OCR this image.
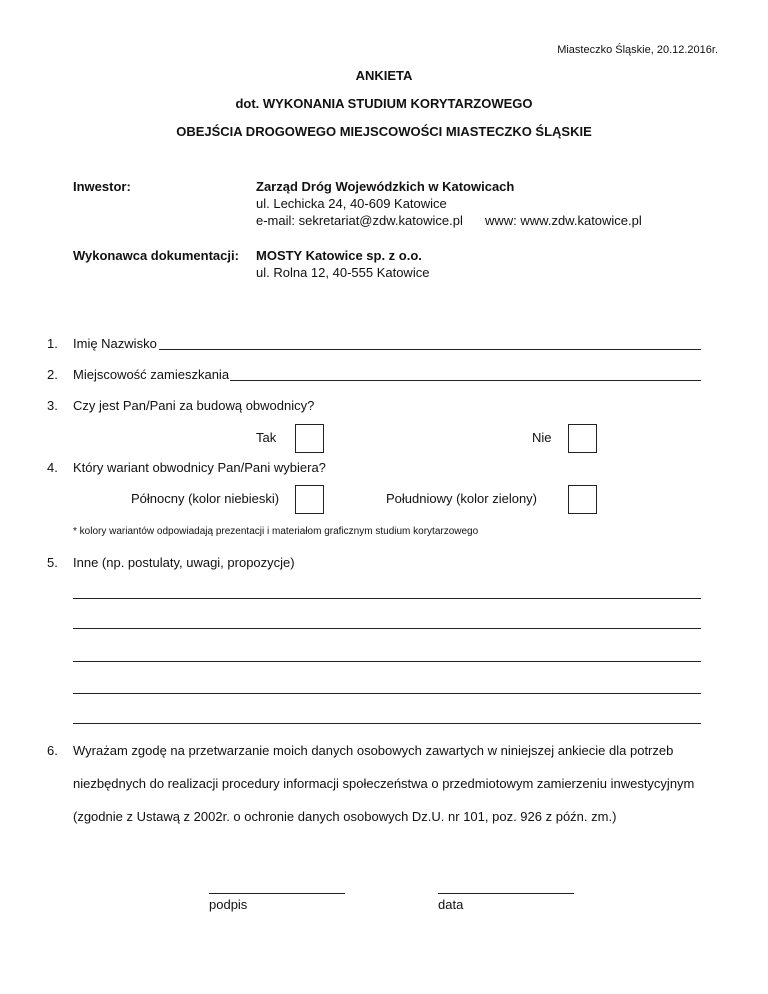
Miasteczko Śląskie, 20.12.2016r.
ANKIETA
dot. WYKONANIA STUDIUM KORYTARZOWEGO
OBEJŚCIA DROGOWEGO MIEJSCOWOŚCI MIASTECZKO ŚLĄSKIE
Inwestor:	Zarząd Dróg Wojewódzkich w Katowicach
ul. Lechicka 24, 40-609 Katowice
e-mail: sekretariat@zdw.katowice.pl www: www.zdw.katowice.pl
Wykonawca dokumentacji: MOSTY Katowice sp. z o.o.
ul. Rolna 12, 40-555 Katowice
1. Imię Nazwisko
2. Miejscowość zamieszkania
3. Czy jest Pan/Pani za budową obwodnicy?
Tak	Nie
4. Który wariant obwodnicy Pan/Pani wybiera?
Północny (kolor niebieski)	Południowy (kolor zielony)
* kolory wariantów odpowiadają prezentacji i materiałom graficznym studium korytarzowego
5. Inne (np. postulaty, uwagi, propozycje)
6. Wyrażam zgodę na przetwarzanie moich danych osobowych zawartych w niniejszej ankiecie dla potrzeb
niezbędnych do realizacji procedury informacji społeczeństwa o przedmiotowym zamierzeniu inwestycyjnym
(zgodnie z Ustawą z 2002r. o ochronie danych osobowych Dz.U. nr 101, poz. 926 z późn. zm.)
podpis	data
